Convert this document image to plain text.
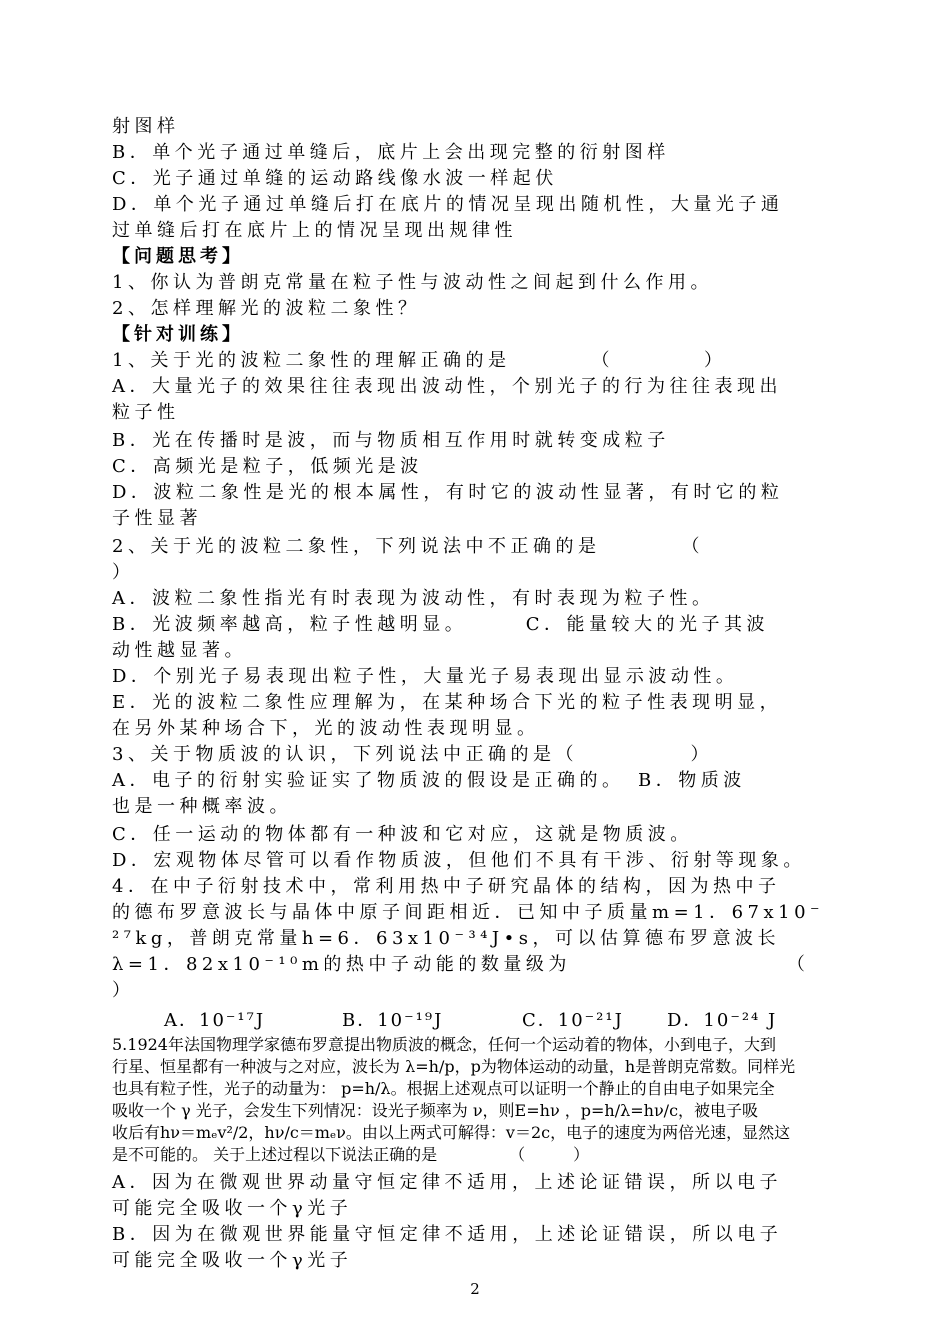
射图样
B．单个光子通过单缝后，底片上会出现完整的衍射图样
C．光子通过单缝的运动路线像水波一样起伏
D．单个光子通过单缝后打在底片的情况呈现出随机性，大量光子通
过单缝后打在底片上的情况呈现出规律性
【问题思考】
1、你认为普朗克常量在粒子性与波动性之间起到什么作用。
2、怎样理解光的波粒二象性？
【针对训练】
1、关于光的波粒二象性的理解正确的是　　　　（　　　　）
A．大量光子的效果往往表现出波动性，个别光子的行为往往表现出
粒子性
B．光在传播时是波，而与物质相互作用时就转变成粒子
C．高频光是粒子，低频光是波
D．波粒二象性是光的根本属性，有时它的波动性显著，有时它的粒
子性显著
2、关于光的波粒二象性，下列说法中不正确的是　　　　（
）
A．波粒二象性指光有时表现为波动性，有时表现为粒子性。
B．光波频率越高，粒子性越明显。　　　C．能量较大的光子其波
动性越显著。
D．个别光子易表现出粒子性，大量光子易表现出显示波动性。
E．光的波粒二象性应理解为，在某种场合下光的粒子性表现明显，
在另外某种场合下，光的波动性表现明显。
3、关于物质波的认识，下列说法中正确的是（　　　　　）
A．电子的衍射实验证实了物质波的假设是正确的。　B．物质波
也是一种概率波。
C．任一运动的物体都有一种波和它对应，这就是物质波。
D．宏观物体尽管可以看作物质波，但他们不具有干涉、衍射等现象。
4．在中子衍射技术中，常利用热中子研究晶体的结构，因为热中子
的德布罗意波长与晶体中原子间距相近．已知中子质量m=1．67x10⁻
²⁷kg，普朗克常量h=6．63x10⁻³⁴J•s，可以估算德布罗意波长
λ=1．82x10⁻¹⁰m的热中子动能的数量级为　　　　　　　　　　（
）
A．10⁻¹⁷J	B．10⁻¹⁹J	C．10⁻²¹J D．10⁻²⁴ J
5.1924年法国物理学家德布罗意提出物质波的概念，任何一个运动着的物体，小到电子，大到
行星、恒星都有一种波与之对应，波长为 λ=h/p，p为物体运动的动量，h是普朗克常数。同样光
也具有粒子性，光子的动量为： p=h/λ。根据上述观点可以证明一个静止的自由电子如果完全
吸收一个 γ 光子，会发生下列情况：设光子频率为 ν，则E=hν ，p=h/λ=hν/c，被电子吸
收后有hν＝mₑv²/2，hν/c＝mₑν。由以上两式可解得：v＝2c，电子的速度为两倍光速，显然这
是不可能的。 关于上述过程以下说法正确的是　　　　　（　　　）
A．因为在微观世界动量守恒定律不适用，上述论证错误，所以电子
可能完全吸收一个γ光子
B．因为在微观世界能量守恒定律不适用，上述论证错误，所以电子
可能完全吸收一个γ光子
2
